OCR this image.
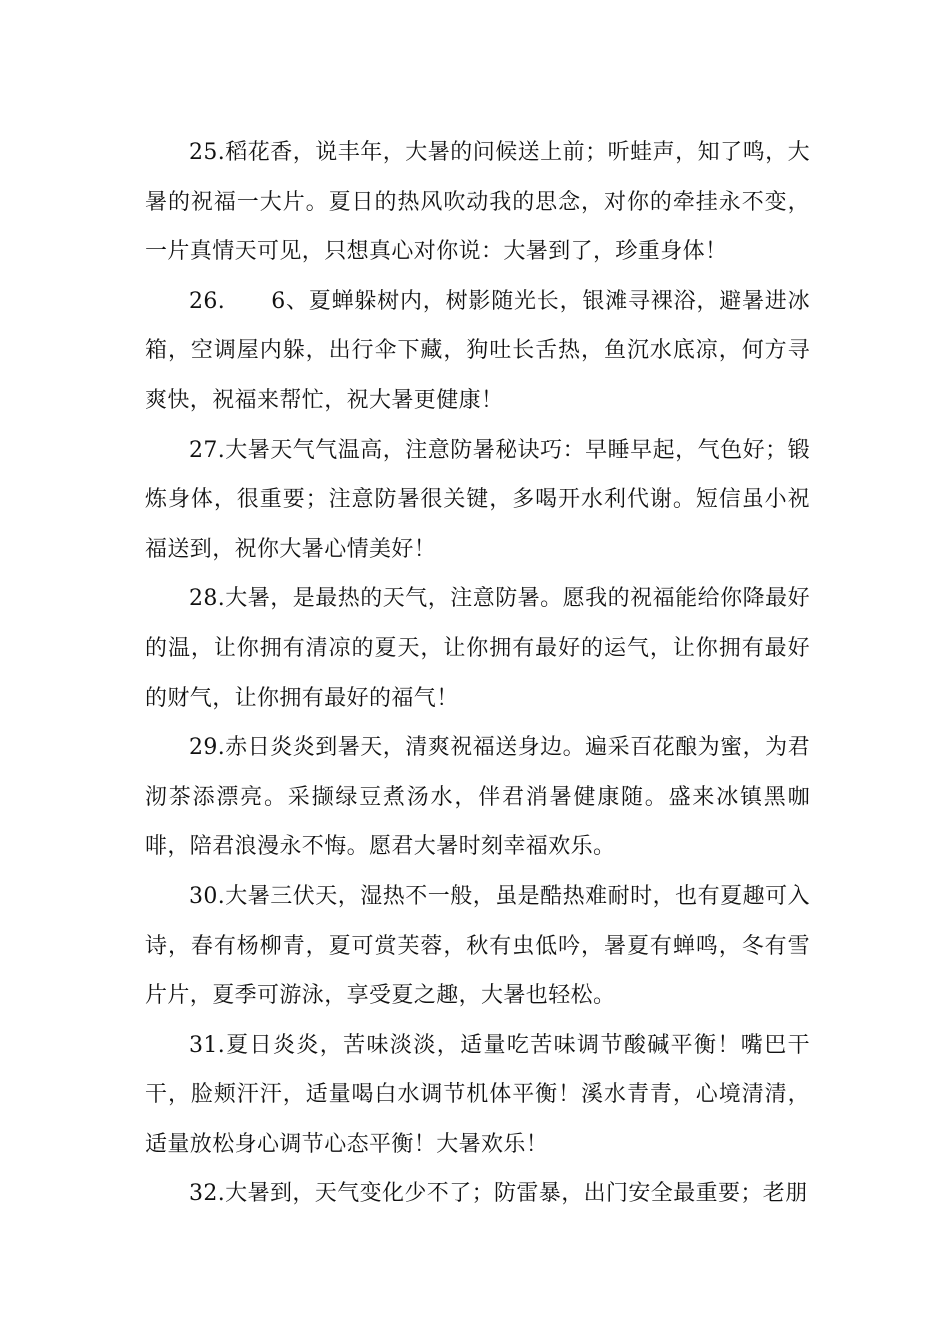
25.稻花香，说丰年，大暑的问候送上前；听蛙声，知了鸣，大暑的祝福一大片。夏日的热风吹动我的思念，对你的牵挂永不变，一片真情天可见，只想真心对你说：大暑到了，珍重身体！

26.　　6、夏蝉躲树内，树影随光长，银滩寻裸浴，避暑进冰箱，空调屋内躲，出行伞下藏，狗吐长舌热，鱼沉水底凉，何方寻爽快，祝福来帮忙，祝大暑更健康！

27.大暑天气气温高，注意防暑秘诀巧：早睡早起，气色好；锻炼身体，很重要；注意防暑很关键，多喝开水利代谢。短信虽小祝福送到，祝你大暑心情美好！

28.大暑，是最热的天气，注意防暑。愿我的祝福能给你降最好的温，让你拥有清凉的夏天，让你拥有最好的运气，让你拥有最好的财气，让你拥有最好的福气！

29.赤日炎炎到暑天，清爽祝福送身边。遍采百花酿为蜜，为君沏茶添漂亮。采撷绿豆煮汤水，伴君消暑健康随。盛来冰镇黑咖啡，陪君浪漫永不悔。愿君大暑时刻幸福欢乐。

30.大暑三伏天，湿热不一般，虽是酷热难耐时，也有夏趣可入诗，春有杨柳青，夏可赏芙蓉，秋有虫低吟，暑夏有蝉鸣，冬有雪片片，夏季可游泳，享受夏之趣，大暑也轻松。

31.夏日炎炎，苦味淡淡，适量吃苦味调节酸碱平衡！嘴巴干干，脸颊汗汗，适量喝白水调节机体平衡！溪水青青，心境清清，适量放松身心调节心态平衡！大暑欢乐！

32.大暑到，天气变化少不了；防雷暴，出门安全最重要；老朋
